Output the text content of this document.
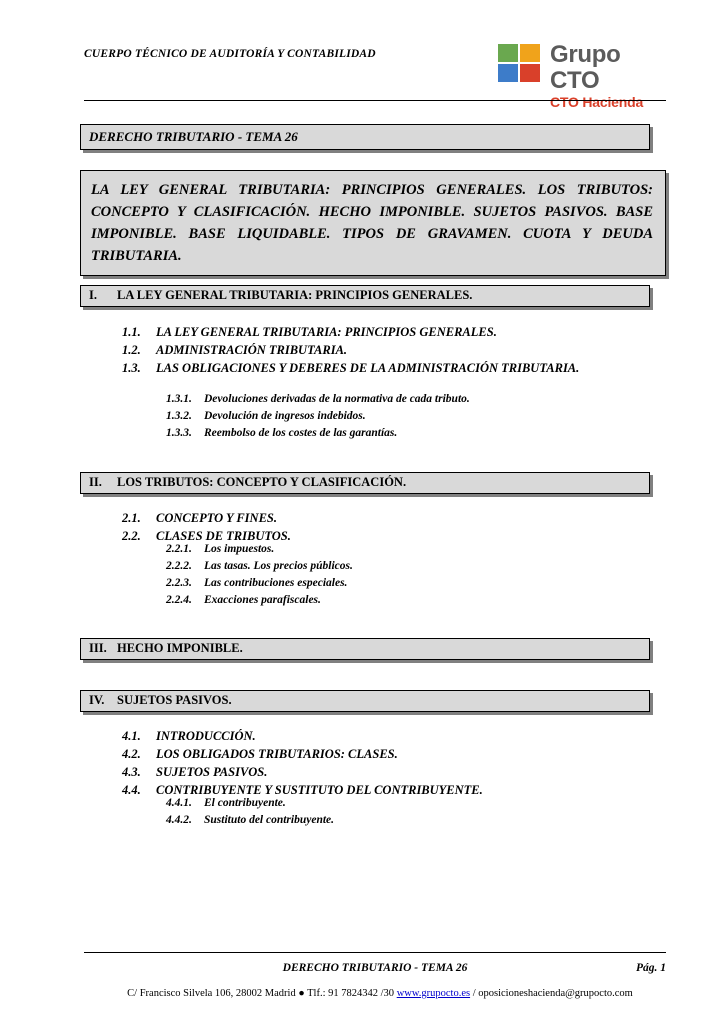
CUERPO TÉCNICO DE AUDITORÍA Y CONTABILIDAD	Grupo CTO
CTO Hacienda
DERECHO TRIBUTARIO - TEMA 26
LA LEY GENERAL TRIBUTARIA: PRINCIPIOS GENERALES. LOS TRIBUTOS: CONCEPTO Y CLASIFICACIÓN. HECHO IMPONIBLE. SUJETOS PASIVOS. BASE IMPONIBLE. BASE LIQUIDABLE. TIPOS DE GRAVAMEN. CUOTA Y DEUDA TRIBUTARIA.
I. LA LEY GENERAL TRIBUTARIA: PRINCIPIOS GENERALES.
1.1.	LA LEY GENERAL TRIBUTARIA: PRINCIPIOS GENERALES.
1.2.	ADMINISTRACIÓN TRIBUTARIA.
1.3.	LAS OBLIGACIONES Y DEBERES DE LA ADMINISTRACIÓN TRIBUTARIA.
1.3.1.	Devoluciones derivadas de la normativa de cada tributo.
1.3.2.	Devolución de ingresos indebidos.
1.3.3.	Reembolso de los costes de las garantías.
II. LOS TRIBUTOS: CONCEPTO Y CLASIFICACIÓN.
2.1.	CONCEPTO Y FINES.
2.2.	CLASES DE TRIBUTOS.
2.2.1.	Los impuestos.
2.2.2.	Las tasas. Los precios públicos.
2.2.3.	Las contribuciones especiales.
2.2.4.	Exacciones parafiscales.
III. HECHO IMPONIBLE.
IV. SUJETOS PASIVOS.
4.1.	INTRODUCCIÓN.
4.2.	LOS OBLIGADOS TRIBUTARIOS: CLASES.
4.3.	SUJETOS PASIVOS.
4.4.	CONTRIBUYENTE Y SUSTITUTO DEL CONTRIBUYENTE.
4.4.1.	El contribuyente.
4.4.2.	Sustituto del contribuyente.
DERECHO TRIBUTARIO - TEMA 26	Pág. 1
C/ Francisco Silvela 106, 28002 Madrid ● Tlf.: 91 7824342 /30 www.grupocto.es / oposicioneshacienda@grupocto.com
